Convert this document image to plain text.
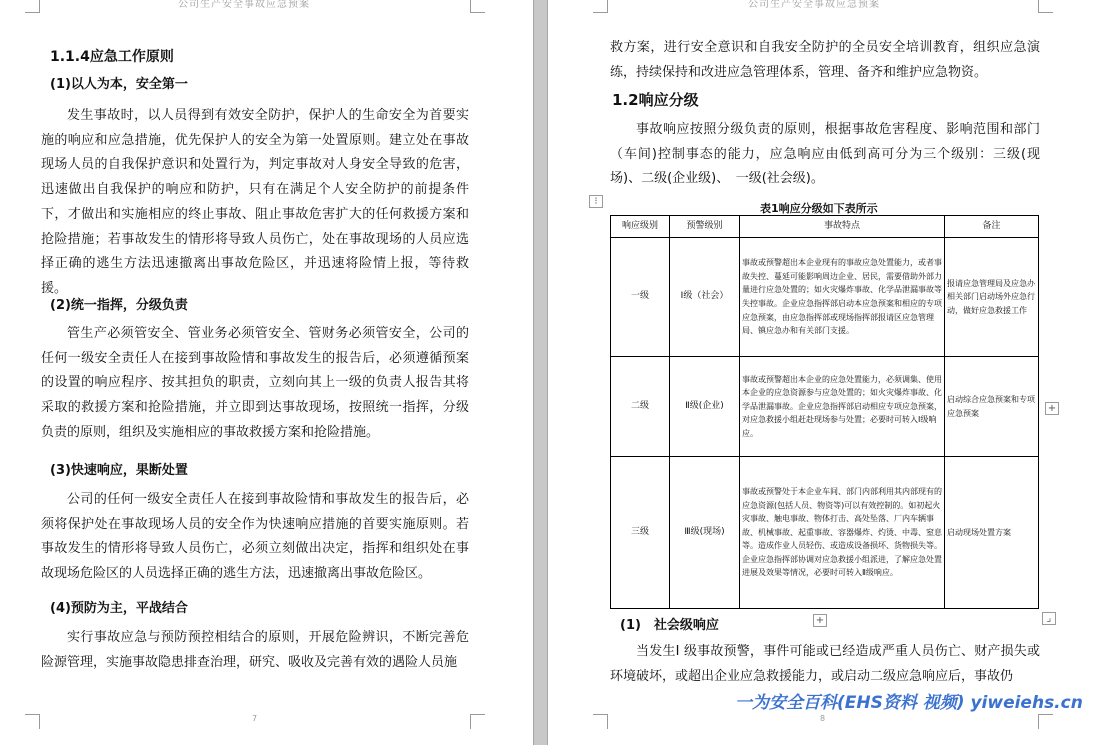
公司生产安全事故应急预案
1.1.4应急工作原则
(1)以人为本，安全第一

发生事故时，以人员得到有效安全防护，保护人的生命安全为首要实施的响应和应急措施，优先保护人的安全为第一处置原则。建立处在事故现场人员的自我保护意识和处置行为，判定事故对人身安全导致的危害，迅速做出自我保护的响应和防护，只有在满足个人安全防护的前提条件下，才做出和实施相应的终止事故、阻止事故危害扩大的任何救援方案和抢险措施；若事故发生的情形将导致人员伤亡，处在事故现场的人员应选择正确的逃生方法迅速撤离出事故危险区，并迅速将险情上报，等待救援。

(2)统一指挥，分级负责

管生产必须管安全、管业务必须管安全、管财务必须管安全，公司的任何一级安全责任人在接到事故险情和事故发生的报告后，必须遵循预案的设置的响应程序、按其担负的职责，立刻向其上一级的负责人报告其将采取的救援方案和抢险措施，并立即到达事故现场，按照统一指挥，分级负责的原则，组织及实施相应的事故救援方案和抢险措施。

(3)快速响应，果断处置

公司的任何一级安全责任人在接到事故险情和事故发生的报告后，必须将保护处在事故现场人员的安全作为快速响应措施的首要实施原则。若事故发生的情形将导致人员伤亡，必须立刻做出决定，指挥和组织处在事故现场危险区的人员选择正确的逃生方法，迅速撤离出事故危险区。

(4)预防为主，平战结合

实行事故应急与预防预控相结合的原则，开展危险辨识，不断完善危险源管理，实施事故隐患排查治理，研究、吸收及完善有效的遇险人员施

7
公司生产安全事故应急预案
救方案，进行安全意识和自我安全防护的全员安全培训教育，组织应急演练，持续保持和改进应急管理体系，管理、备齐和维护应急物资。
1.2响应分级

事故响应按照分级负责的原则，根据事故危害程度、影响范围和部门（车间)控制事态的能力，应急响应由低到高可分为三个级别：三级(现场)、二级(企业级)、　一级(社会级)。

⁝
表1响应分级如下表所示
响应级别	预警级别	事故特点	备注
一级	Ⅰ级（社会）	事故或预警超出本企业现有的事故应急处置能力，或者事故失控、蔓延可能影响周边企业、居民，需要借助外部力量进行应急处置的；如火灾爆炸事故、化学品泄漏事故等失控事故。企业应急指挥部启动本应急预案和相应的专项应急预案，由应急指挥部或现场指挥部报请区应急管理局、镇应急办和有关部门支援。	报请应急管理局及应急办相关部门启动场外应急行动，做好应急救援工作
二级	Ⅱ级(企业)	事故或预警超出本企业的应急处置能力，必须调集、使用本企业的应急资源参与应急处置的；如火灾爆炸事故、化学品泄漏事故。企业应急指挥部启动相应专项应急预案，对应急救援小组赶赴现场参与处置；必要时可转入Ⅰ级响应。	启动综合应急预案和专项应急预案
三级	Ⅲ级(现场)	事故或预警处于本企业车间、部门内部利用其内部现有的应急资源(包括人员、物资等)可以有效控制的。如初起火灾事故、触电事故、物体打击、高处坠落、厂内车辆事故、机械事故、起重事故、容器爆炸、灼烫、中毒、窒息等。造成作业人员轻伤、或造成设备损坏、货物损失等。企业应急指挥部协调对应急救援小组派进，了解应急处置进展及效果等情况，必要时可转入Ⅱ级响应。	启动现场处置方案
+
+	⌟
(1)　社会级响应

当发生Ⅰ 级事故预警，事件可能或已经造成严重人员伤亡、财产损失或环境破坏，或超出企业应急救援能力，或启动二级应急响应后，事故仍

8
一为安全百科(EHS资料 视频) yiweiehs.cn
